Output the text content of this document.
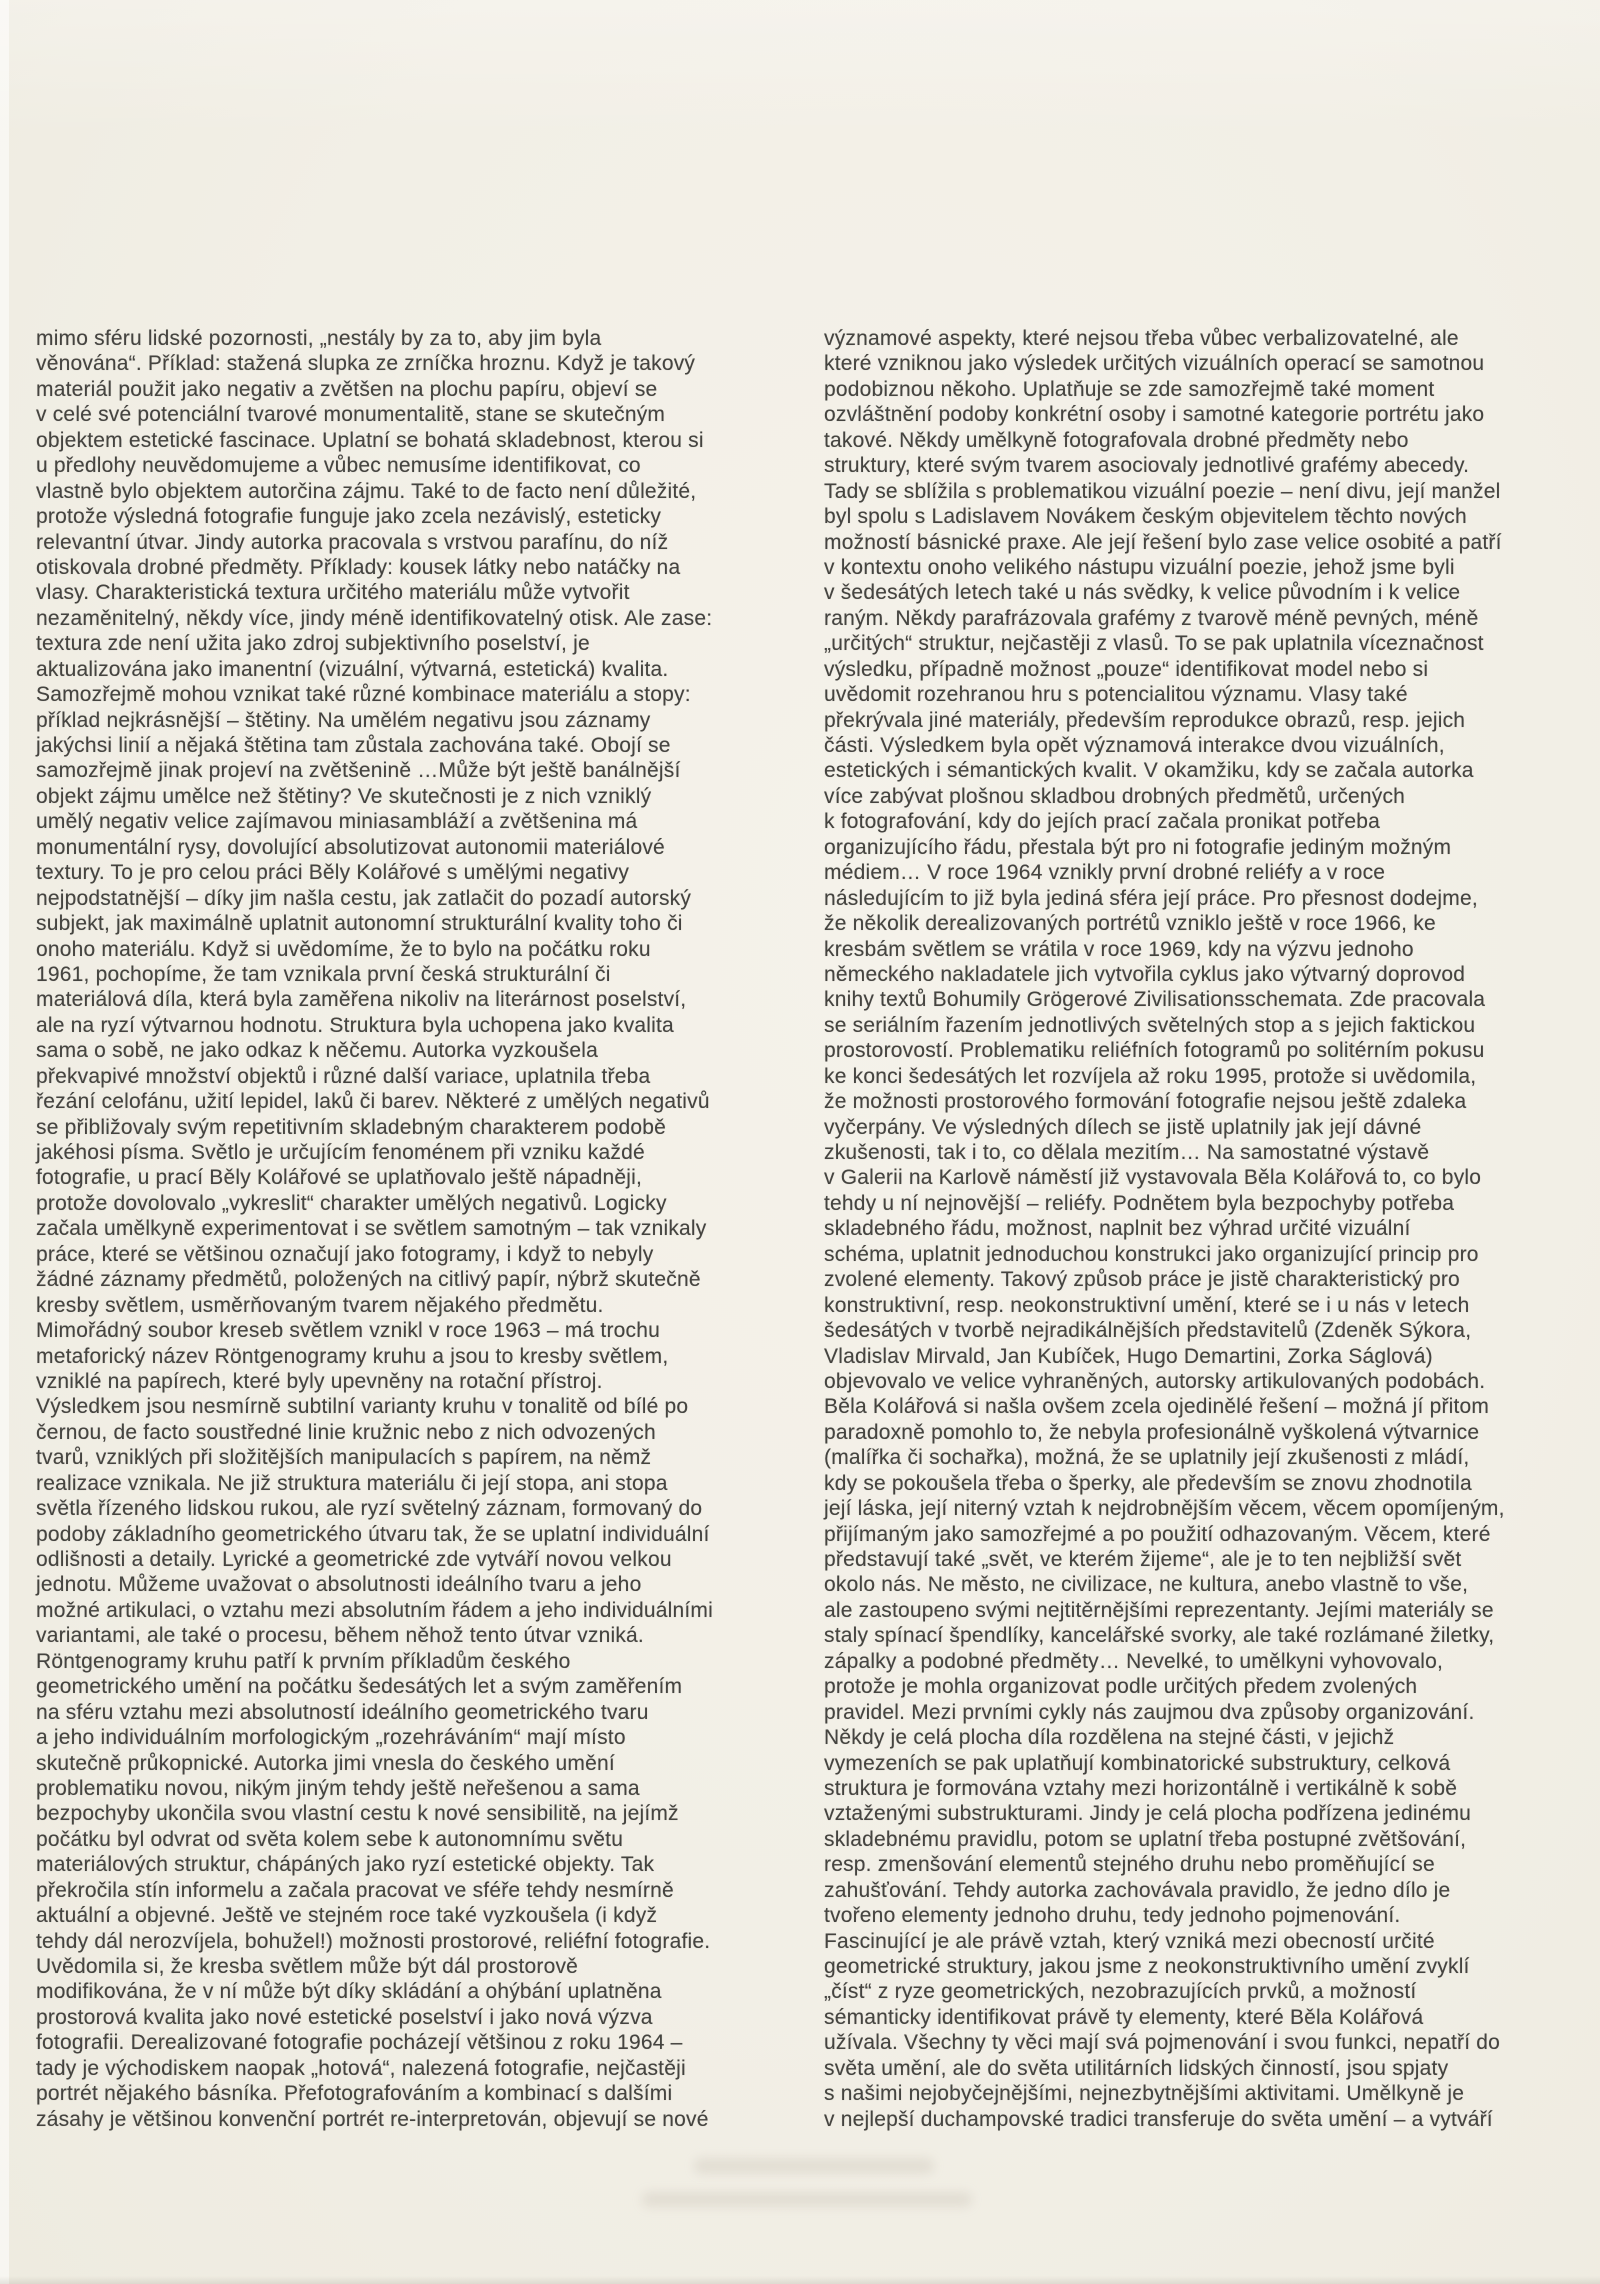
mimo sféru lidské pozornosti, „nestály by za to, aby jim byla
věnována“. Příklad: stažená slupka ze zrníčka hroznu. Když je takový
materiál použit jako negativ a zvětšen na plochu papíru, objeví se
v celé své potenciální tvarové monumentalitě, stane se skutečným
objektem estetické fascinace. Uplatní se bohatá skladebnost, kterou si
u předlohy neuvědomujeme a vůbec nemusíme identifikovat, co
vlastně bylo objektem autorčina zájmu. Také to de facto není důležité,
protože výsledná fotografie funguje jako zcela nezávislý, esteticky
relevantní útvar. Jindy autorka pracovala s vrstvou parafínu, do níž
otiskovala drobné předměty. Příklady: kousek látky nebo natáčky na
vlasy. Charakteristická textura určitého materiálu může vytvořit
nezaměnitelný, někdy více, jindy méně identifikovatelný otisk. Ale zase:
textura zde není užita jako zdroj subjektivního poselství, je
aktualizována jako imanentní (vizuální, výtvarná, estetická) kvalita.
Samozřejmě mohou vznikat také různé kombinace materiálu a stopy:
příklad nejkrásnější – štětiny. Na umělém negativu jsou záznamy
jakýchsi linií a nějaká štětina tam zůstala zachována také. Obojí se
samozřejmě jinak projeví na zvětšenině …Může být ještě banálnější
objekt zájmu umělce než štětiny? Ve skutečnosti je z nich vzniklý
umělý negativ velice zajímavou miniasambláží a zvětšenina má
monumentální rysy, dovolující absolutizovat autonomii materiálové
textury. To je pro celou práci Běly Kolářové s umělými negativy
nejpodstatnější – díky jim našla cestu, jak zatlačit do pozadí autorský
subjekt, jak maximálně uplatnit autonomní strukturální kvality toho či
onoho materiálu. Když si uvědomíme, že to bylo na počátku roku
1961, pochopíme, že tam vznikala první česká strukturální či
materiálová díla, která byla zaměřena nikoliv na literárnost poselství,
ale na ryzí výtvarnou hodnotu. Struktura byla uchopena jako kvalita
sama o sobě, ne jako odkaz k něčemu. Autorka vyzkoušela
překvapivé množství objektů i různé další variace, uplatnila třeba
řezání celofánu, užití lepidel, laků či barev. Některé z umělých negativů
se přibližovaly svým repetitivním skladebným charakterem podobě
jakéhosi písma. Světlo je určujícím fenoménem při vzniku každé
fotografie, u prací Běly Kolářové se uplatňovalo ještě nápadněji,
protože dovolovalo „vykreslit“ charakter umělých negativů. Logicky
začala umělkyně experimentovat i se světlem samotným – tak vznikaly
práce, které se většinou označují jako fotogramy, i když to nebyly
žádné záznamy předmětů, položených na citlivý papír, nýbrž skutečně
kresby světlem, usměrňovaným tvarem nějakého předmětu.
Mimořádný soubor kreseb světlem vznikl v roce 1963 – má trochu
metaforický název Röntgenogramy kruhu a jsou to kresby světlem,
vzniklé na papírech, které byly upevněny na rotační přístroj.
Výsledkem jsou nesmírně subtilní varianty kruhu v tonalitě od bílé po
černou, de facto soustředné linie kružnic nebo z nich odvozených
tvarů, vzniklých při složitějších manipulacích s papírem, na němž
realizace vznikala. Ne již struktura materiálu či její stopa, ani stopa
světla řízeného lidskou rukou, ale ryzí světelný záznam, formovaný do
podoby základního geometrického útvaru tak, že se uplatní individuální
odlišnosti a detaily. Lyrické a geometrické zde vytváří novou velkou
jednotu. Můžeme uvažovat o absolutnosti ideálního tvaru a jeho
možné artikulaci, o vztahu mezi absolutním řádem a jeho individuálními
variantami, ale také o procesu, během něhož tento útvar vzniká.
Röntgenogramy kruhu patří k prvním příkladům českého
geometrického umění na počátku šedesátých let a svým zaměřením
na sféru vztahu mezi absolutností ideálního geometrického tvaru
a jeho individuálním morfologickým „rozehráváním“ mají místo
skutečně průkopnické. Autorka jimi vnesla do českého umění
problematiku novou, nikým jiným tehdy ještě neřešenou a sama
bezpochyby ukončila svou vlastní cestu k nové sensibilitě, na jejímž
počátku byl odvrat od světa kolem sebe k autonomnímu světu
materiálových struktur, chápáných jako ryzí estetické objekty. Tak
překročila stín informelu a začala pracovat ve sféře tehdy nesmírně
aktuální a objevné. Ještě ve stejném roce také vyzkoušela (i když
tehdy dál nerozvíjela, bohužel!) možnosti prostorové, reliéfní fotografie.
Uvědomila si, že kresba světlem může být dál prostorově
modifikována, že v ní může být díky skládání a ohýbání uplatněna
prostorová kvalita jako nové estetické poselství i jako nová výzva
fotografii. Derealizované fotografie pocházejí většinou z roku 1964 –
tady je východiskem naopak „hotová“, nalezená fotografie, nejčastěji
portrét nějakého básníka. Přefotografováním a kombinací s dalšími
zásahy je většinou konvenční portrét re-interpretován, objevují se nové
významové aspekty, které nejsou třeba vůbec verbalizovatelné, ale
které vzniknou jako výsledek určitých vizuálních operací se samotnou
podobiznou někoho. Uplatňuje se zde samozřejmě také moment
ozvláštnění podoby konkrétní osoby i samotné kategorie portrétu jako
takové. Někdy umělkyně fotografovala drobné předměty nebo
struktury, které svým tvarem asociovaly jednotlivé grafémy abecedy.
Tady se sblížila s problematikou vizuální poezie – není divu, její manžel
byl spolu s Ladislavem Novákem českým objevitelem těchto nových
možností básnické praxe. Ale její řešení bylo zase velice osobité a patří
v kontextu onoho velikého nástupu vizuální poezie, jehož jsme byli
v šedesátých letech také u nás svědky, k velice původním i k velice
raným. Někdy parafrázovala grafémy z tvarově méně pevných, méně
„určitých“ struktur, nejčastěji z vlasů. To se pak uplatnila víceznačnost
výsledku, případně možnost „pouze“ identifikovat model nebo si
uvědomit rozehranou hru s potencialitou významu. Vlasy také
překrývala jiné materiály, především reprodukce obrazů, resp. jejich
části. Výsledkem byla opět významová interakce dvou vizuálních,
estetických i sémantických kvalit. V okamžiku, kdy se začala autorka
více zabývat plošnou skladbou drobných předmětů, určených
k fotografování, kdy do jejích prací začala pronikat potřeba
organizujícího řádu, přestala být pro ni fotografie jediným možným
médiem… V roce 1964 vznikly první drobné reliéfy a v roce
následujícím to již byla jediná sféra její práce. Pro přesnost dodejme,
že několik derealizovaných portrétů vzniklo ještě v roce 1966, ke
kresbám světlem se vrátila v roce 1969, kdy na výzvu jednoho
německého nakladatele jich vytvořila cyklus jako výtvarný doprovod
knihy textů Bohumily Grögerové Zivilisationsschemata. Zde pracovala
se seriálním řazením jednotlivých světelných stop a s jejich faktickou
prostorovostí. Problematiku reliéfních fotogramů po solitérním pokusu
ke konci šedesátých let rozvíjela až roku 1995, protože si uvědomila,
že možnosti prostorového formování fotografie nejsou ještě zdaleka
vyčerpány. Ve výsledných dílech se jistě uplatnily jak její dávné
zkušenosti, tak i to, co dělala mezitím… Na samostatné výstavě
v Galerii na Karlově náměstí již vystavovala Běla Kolářová to, co bylo
tehdy u ní nejnovější – reliéfy. Podnětem byla bezpochyby potřeba
skladebného řádu, možnost, naplnit bez výhrad určité vizuální
schéma, uplatnit jednoduchou konstrukci jako organizující princip pro
zvolené elementy. Takový způsob práce je jistě charakteristický pro
konstruktivní, resp. neokonstruktivní umění, které se i u nás v letech
šedesátých v tvorbě nejradikálnějších představitelů (Zdeněk Sýkora,
Vladislav Mirvald, Jan Kubíček, Hugo Demartini, Zorka Ságlová)
objevovalo ve velice vyhraněných, autorsky artikulovaných podobách.
Běla Kolářová si našla ovšem zcela ojedinělé řešení – možná jí přitom
paradoxně pomohlo to, že nebyla profesionálně vyškolená výtvarnice
(malířka či sochařka), možná, že se uplatnily její zkušenosti z mládí,
kdy se pokoušela třeba o šperky, ale především se znovu zhodnotila
její láska, její niterný vztah k nejdrobnějším věcem, věcem opomíjeným,
přijímaným jako samozřejmé a po použití odhazovaným. Věcem, které
představují také „svět, ve kterém žijeme“, ale je to ten nejbližší svět
okolo nás. Ne město, ne civilizace, ne kultura, anebo vlastně to vše,
ale zastoupeno svými nejtitěrnějšími reprezentanty. Jejími materiály se
staly spínací špendlíky, kancelářské svorky, ale také rozlámané žiletky,
zápalky a podobné předměty… Nevelké, to umělkyni vyhovovalo,
protože je mohla organizovat podle určitých předem zvolených
pravidel. Mezi prvními cykly nás zaujmou dva způsoby organizování.
Někdy je celá plocha díla rozdělena na stejné části, v jejichž
vymezeních se pak uplatňují kombinatorické substruktury, celková
struktura je formována vztahy mezi horizontálně i vertikálně k sobě
vztaženými substrukturami. Jindy je celá plocha podřízena jedinému
skladebnému pravidlu, potom se uplatní třeba postupné zvětšování,
resp. zmenšování elementů stejného druhu nebo proměňující se
zahušťování. Tehdy autorka zachovávala pravidlo, že jedno dílo je
tvořeno elementy jednoho druhu, tedy jednoho pojmenování.
Fascinující je ale právě vztah, který vzniká mezi obecností určité
geometrické struktury, jakou jsme z neokonstruktivního umění zvyklí
„číst“ z ryze geometrických, nezobrazujících prvků, a možností
sémanticky identifikovat právě ty elementy, které Běla Kolářová
užívala. Všechny ty věci mají svá pojmenování i svou funkci, nepatří do
světa umění, ale do světa utilitárních lidských činností, jsou spjaty
s našimi nejobyčejnějšími, nejnezbytnějšími aktivitami. Umělkyně je
v nejlepší duchampovské tradici transferuje do světa umění – a vytváří
